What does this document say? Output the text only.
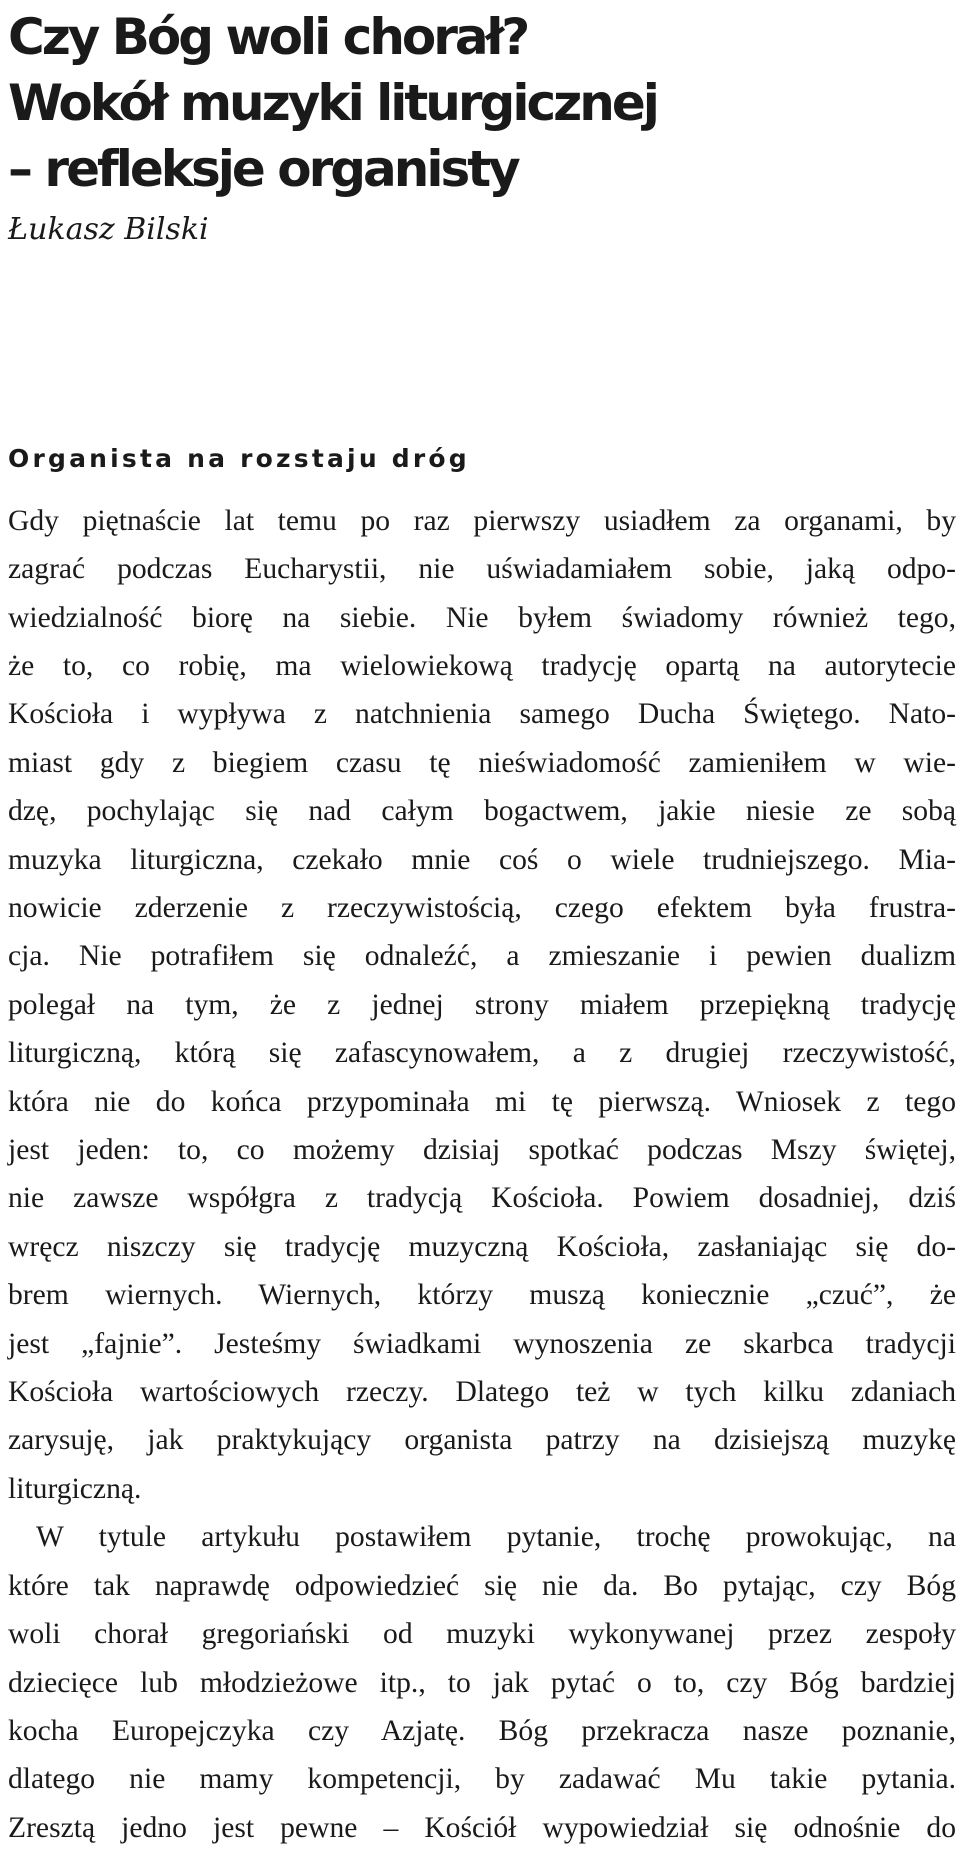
Czy Bóg woli chorał?
Wokół muzyki liturgicznej
– refleksje organisty
Łukasz Bilski
Organista na rozstaju dróg
Gdy piętnaście lat temu po raz pierwszy usiadłem za organami, by
zagrać podczas Eucharystii, nie uświadamiałem sobie, jaką odpo-
wiedzialność biorę na siebie. Nie byłem świadomy również tego,
że to, co robię, ma wielowiekową tradycję opartą na autorytecie
Kościoła i wypływa z natchnienia samego Ducha Świętego. Nato-
miast gdy z biegiem czasu tę nieświadomość zamieniłem w wie-
dzę, pochylając się nad całym bogactwem, jakie niesie ze sobą
muzyka liturgiczna, czekało mnie coś o wiele trudniejszego. Mia-
nowicie zderzenie z rzeczywistością, czego efektem była frustra-
cja. Nie potrafiłem się odnaleźć, a zmieszanie i pewien dualizm
polegał na tym, że z jednej strony miałem przepiękną tradycję
liturgiczną, którą się zafascynowałem, a z drugiej rzeczywistość,
która nie do końca przypominała mi tę pierwszą. Wniosek z tego
jest jeden: to, co możemy dzisiaj spotkać podczas Mszy świętej,
nie zawsze współgra z tradycją Kościoła. Powiem dosadniej, dziś
wręcz niszczy się tradycję muzyczną Kościoła, zasłaniając się do-
brem wiernych. Wiernych, którzy muszą koniecznie „czuć”, że
jest „fajnie”. Jesteśmy świadkami wynoszenia ze skarbca tradycji
Kościoła wartościowych rzeczy. Dlatego też w tych kilku zdaniach
zarysuję, jak praktykujący organista patrzy na dzisiejszą muzykę
liturgiczną.
W tytule artykułu postawiłem pytanie, trochę prowokując, na
które tak naprawdę odpowiedzieć się nie da. Bo pytając, czy Bóg
woli chorał gregoriański od muzyki wykonywanej przez zespoły
dziecięce lub młodzieżowe itp., to jak pytać o to, czy Bóg bardziej
kocha Europejczyka czy Azjatę. Bóg przekracza nasze poznanie,
dlatego nie mamy kompetencji, by zadawać Mu takie pytania.
Zresztą jedno jest pewne – Kościół wypowiedział się odnośnie do
